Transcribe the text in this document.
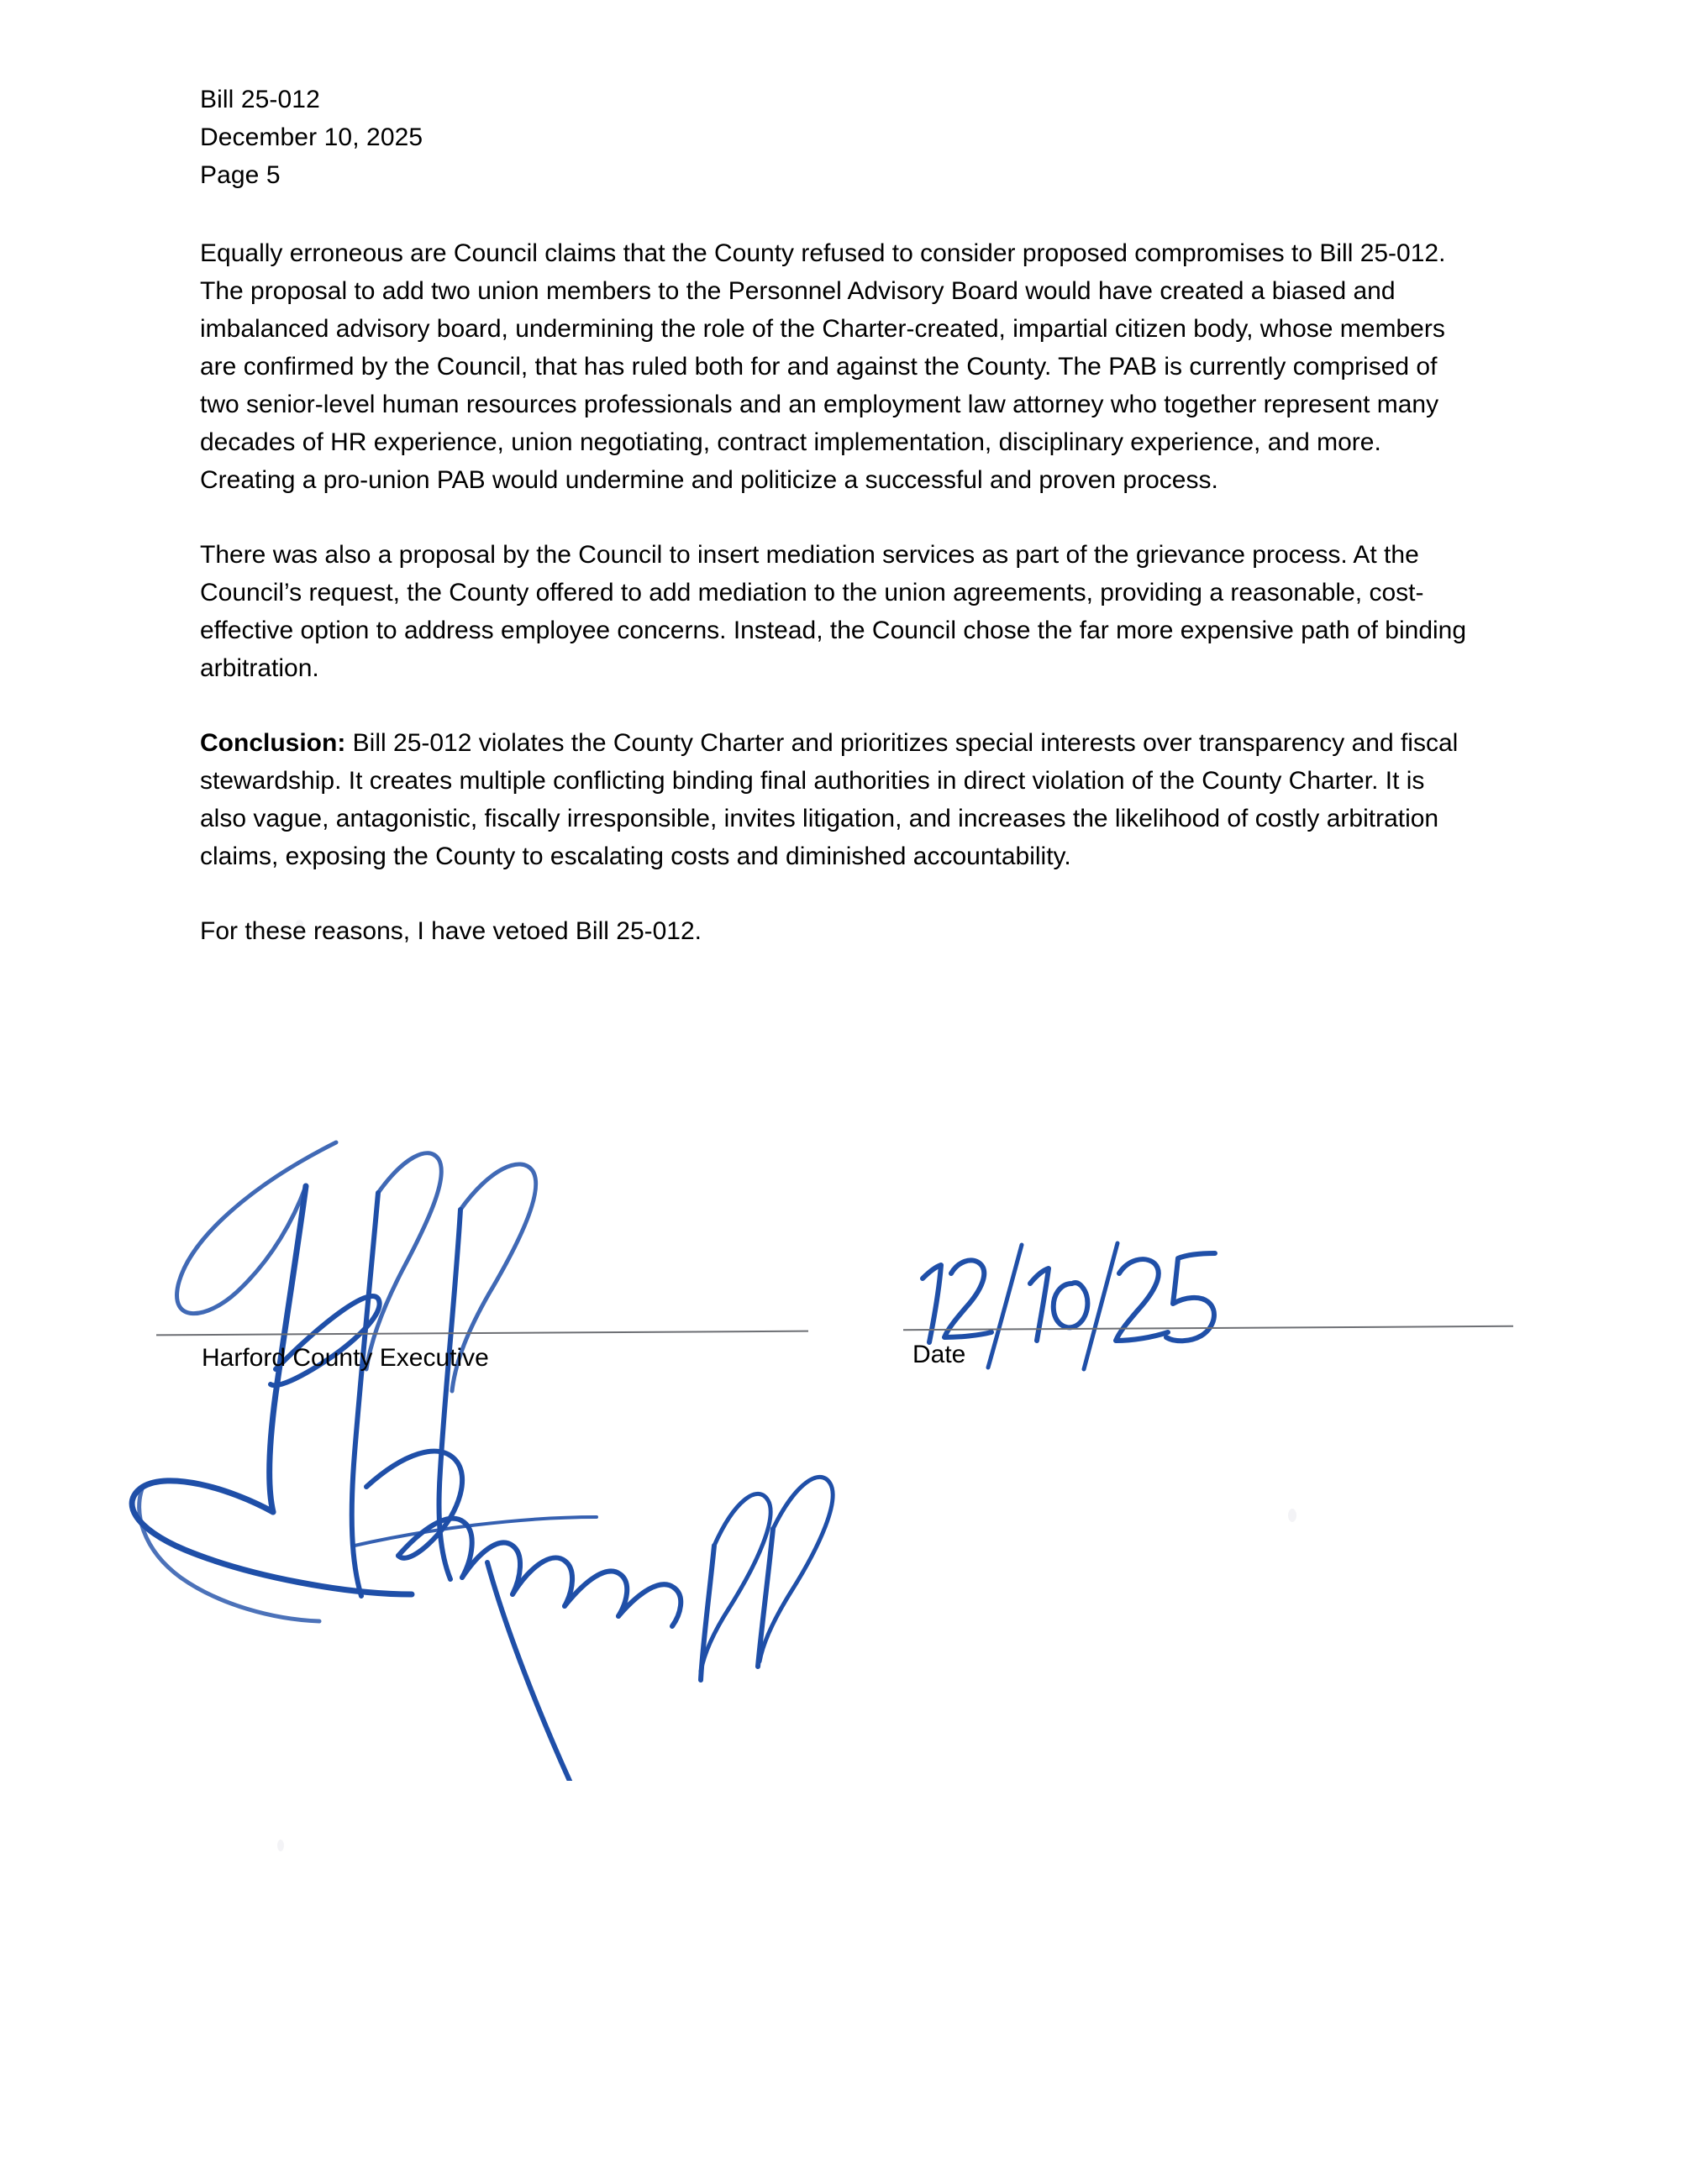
Bill 25-012
December 10, 2025
Page 5

Equally erroneous are Council claims that the County refused to consider proposed compromises to Bill 25-012. The proposal to add two union members to the Personnel Advisory Board would have created a biased and imbalanced advisory board, undermining the role of the Charter-created, impartial citizen body, whose members are confirmed by the Council, that has ruled both for and against the County. The PAB is currently comprised of two senior-level human resources professionals and an employment law attorney who together represent many decades of HR experience, union negotiating, contract implementation, disciplinary experience, and more.  Creating a pro-union PAB would undermine and politicize a successful and proven process.

There was also a proposal by the Council to insert mediation services as part of the grievance process. At the Council’s request, the County offered to add mediation to the union agreements, providing a reasonable, cost-effective option to address employee concerns. Instead, the Council chose the far more expensive path of binding arbitration.

Conclusion: Bill 25-012 violates the County Charter and prioritizes special interests over transparency and fiscal stewardship. It creates multiple conflicting binding final authorities in direct violation of the County Charter. It is also vague, antagonistic, fiscally irresponsible, invites litigation, and increases the likelihood of costly arbitration claims, exposing the County to escalating costs and diminished accountability.

For these reasons, I have vetoed Bill 25-012.

Harford County Executive	Date
